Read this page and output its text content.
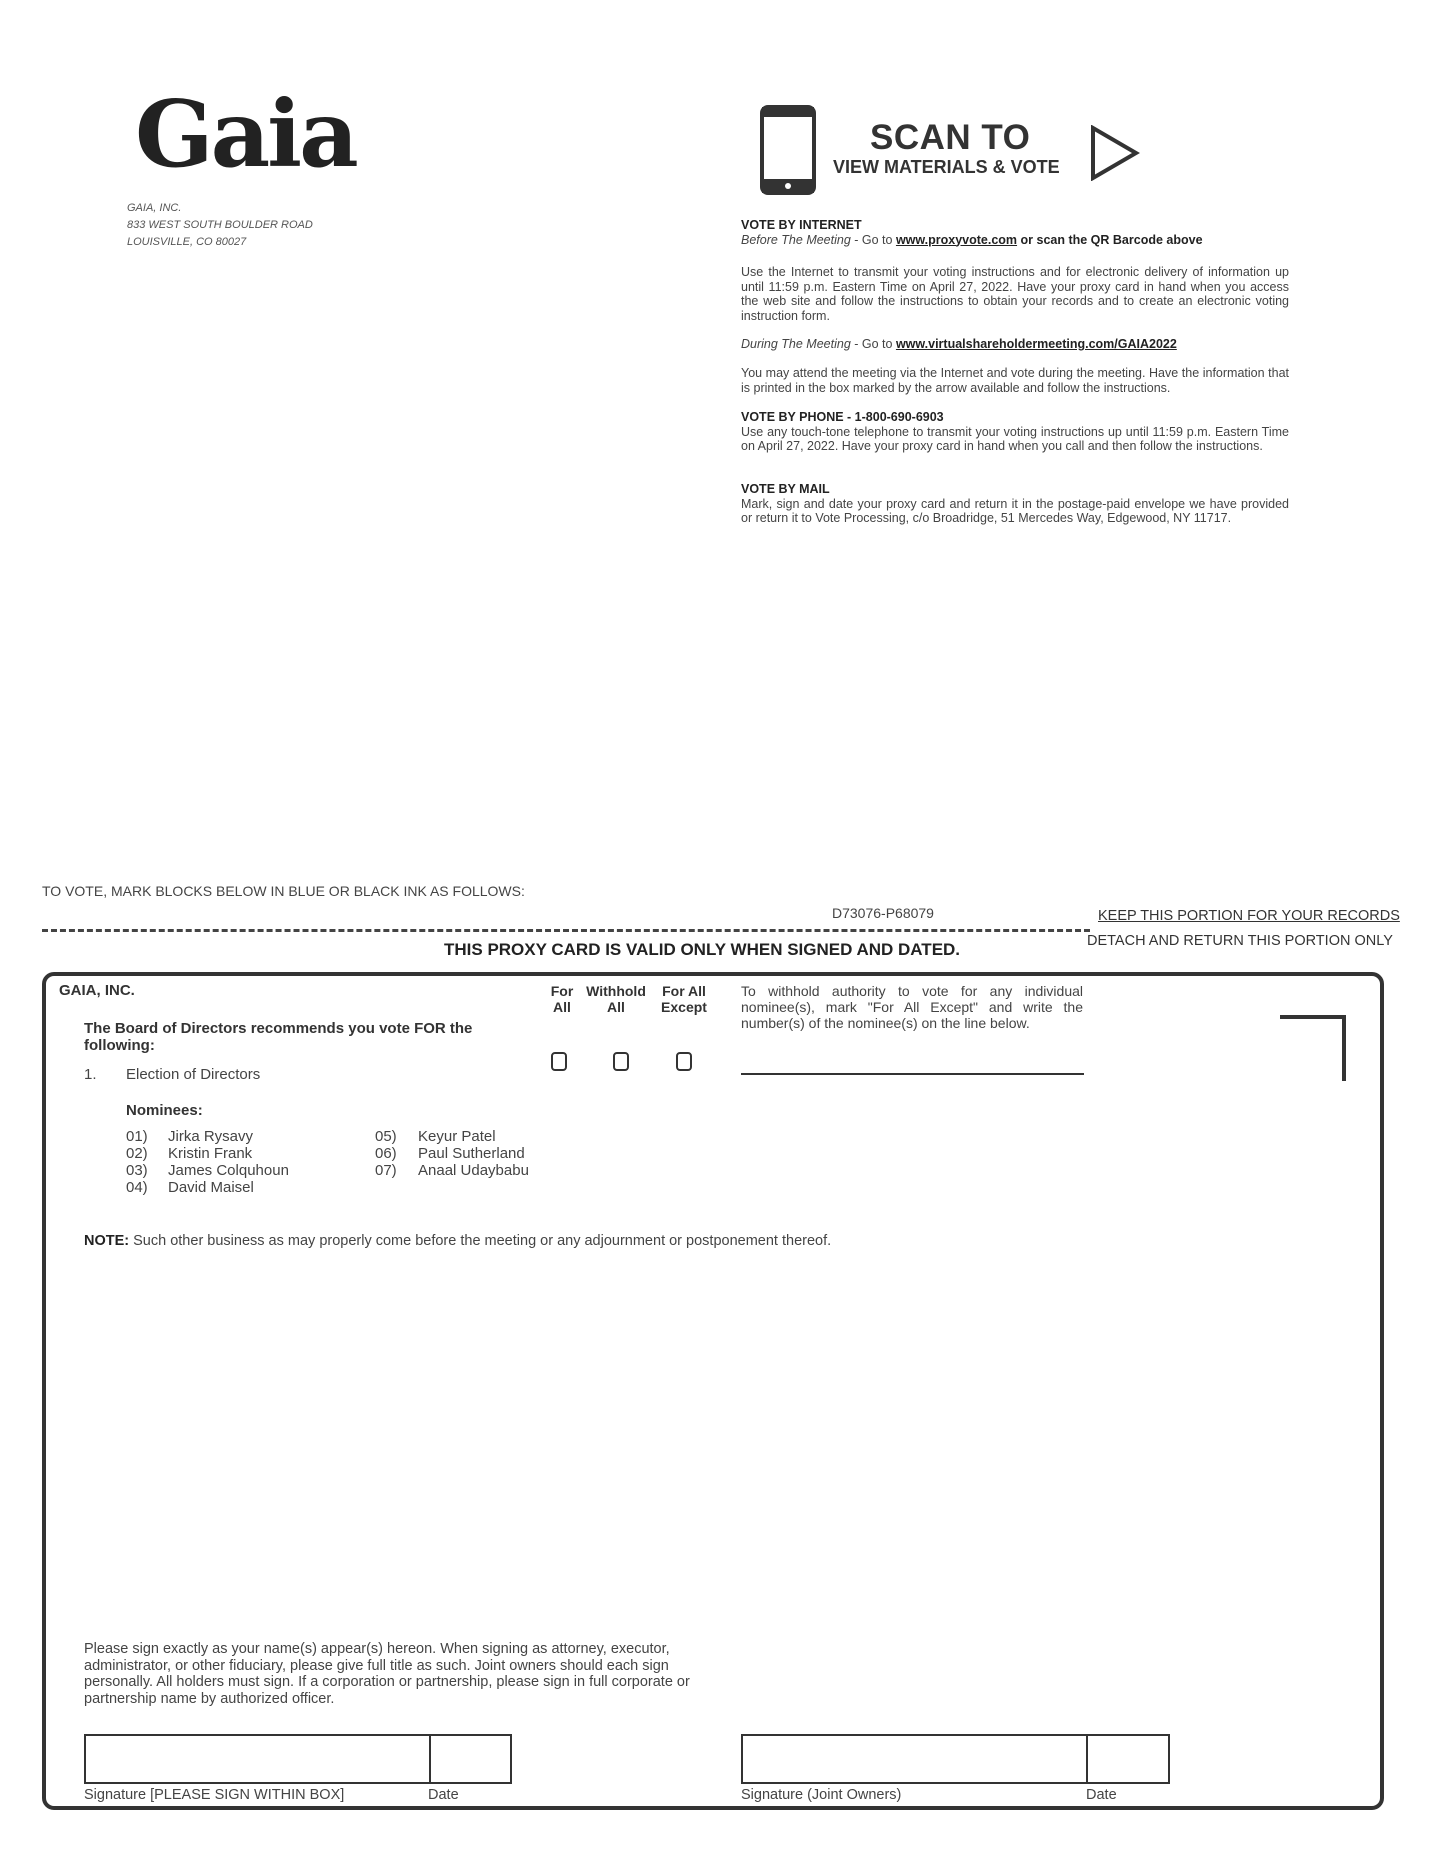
Gaia
GAIA, INC.
833 WEST SOUTH BOULDER ROAD
LOUISVILLE, CO 80027
SCAN TO
VIEW MATERIALS & VOTE
VOTE BY INTERNET
Before The Meeting - Go to www.proxyvote.com or scan the QR Barcode above
Use the Internet to transmit your voting instructions and for electronic delivery of information up until 11:59 p.m. Eastern Time on April 27, 2022. Have your proxy card in hand when you access the web site and follow the instructions to obtain your records and to create an electronic voting instruction form.
During The Meeting - Go to www.virtualshareholdermeeting.com/GAIA2022
You may attend the meeting via the Internet and vote during the meeting. Have the information that is printed in the box marked by the arrow available and follow the instructions.
VOTE BY PHONE - 1-800-690-6903
Use any touch-tone telephone to transmit your voting instructions up until 11:59 p.m. Eastern Time on April 27, 2022. Have your proxy card in hand when you call and then follow the instructions.
VOTE BY MAIL
Mark, sign and date your proxy card and return it in the postage-paid envelope we have provided or return it to Vote Processing, c/o Broadridge, 51 Mercedes Way, Edgewood, NY 11717.
TO VOTE, MARK BLOCKS BELOW IN BLUE OR BLACK INK AS FOLLOWS:
D73076-P68079	KEEP THIS PORTION FOR YOUR RECORDS
DETACH AND RETURN THIS PORTION ONLY
THIS PROXY CARD IS VALID ONLY WHEN SIGNED AND DATED.
GAIA, INC.
The Board of Directors recommends you vote FOR the following:
1. Election of Directors
Nominees:
01) Jirka Rysavy
02) Kristin Frank
03) James Colquhoun
04) David Maisel
05) Keyur Patel
06) Paul Sutherland
07) Anaal Udaybabu
For
All
Withhold
All
For All
Except
To withhold authority to vote for any individual nominee(s), mark "For All Except" and write the number(s) of the nominee(s) on the line below.
NOTE: Such other business as may properly come before the meeting or any adjournment or postponement thereof.
Please sign exactly as your name(s) appear(s) hereon. When signing as attorney, executor, administrator, or other fiduciary, please give full title as such. Joint owners should each sign personally. All holders must sign. If a corporation or partnership, please sign in full corporate or partnership name by authorized officer.
Signature [PLEASE SIGN WITHIN BOX]	Date	Signature (Joint Owners)	Date
